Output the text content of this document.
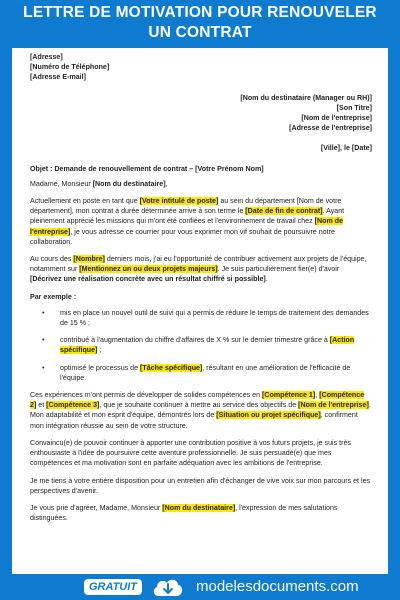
LETTRE DE MOTIVATION POUR RENOUVELER
UN CONTRAT

[Adresse]

[Numéro de Téléphone]

[Adresse E-mail]

[Nom du destinataire (Manager ou RH)]

[Son Titre]

[Nom de l'entreprise]

[Adresse de l'entreprise]

[Ville], le [Date]

Objet : Demande de renouvellement de contrat – [Votre Prénom Nom]

Madame, Monsieur [Nom du destinataire],

Actuellement en poste en tant que [Votre intitulé de poste] au sein du département [Nom de votre département], mon contrat à durée déterminée arrive à son terme le [Date de fin de contrat]. Ayant pleinement apprécié les missions qui m'ont été confiées et l'environnement de travail chez [Nom de l'entreprise], je vous adresse ce courrier pour vous exprimer mon vif souhait de poursuivre notre collaboration.

Au cours des [Nombre] derniers mois, j'ai eu l'opportunité de contribuer activement aux projets de l'équipe, notamment sur [Mentionnez un ou deux projets majeurs]. Je suis particulièrement fier(e) d'avoir [Décrivez une réalisation concrète avec un résultat chiffré si possible].

Par exemple :

• mis en place un nouvel outil de suivi qui a permis de réduire le temps de traitement des demandes de 15 % ;
• contribué à l'augmentation du chiffre d'affaires de X % sur le dernier trimestre grâce à [Action spécifique] ;
• optimisé le processus de [Tâche spécifique], résultant en une amélioration de l'efficacité de l'équipe.

Ces expériences m'ont permis de développer de solides compétences en [Compétence 1], [Compétence 2] et [Compétence 3], que je souhaite continuer à mettre au service des objectifs de [Nom de l'entreprise]. Mon adaptabilité et mon esprit d'équipe, démontrés lors de [Situation ou projet spécifique], confirment mon intégration réussie au sein de votre structure.

Convaincu(e) de pouvoir continuer à apporter une contribution positive à vos futurs projets, je suis très enthousiaste à l'idée de poursuivre cette aventure professionnelle. Je suis persuadé(e) que mes compétences et ma motivation sont en parfaite adéquation avec les ambitions de l'entreprise.

Je me tiens à votre entière disposition pour un entretien afin d'échanger de vive voix sur mon parcours et les perspectives d'avenir.

Je vous prie d'agréer, Madame, Monsieur [Nom du destinataire], l'expression de mes salutations distinguées.

GRATUIT	modelesdocuments.com
